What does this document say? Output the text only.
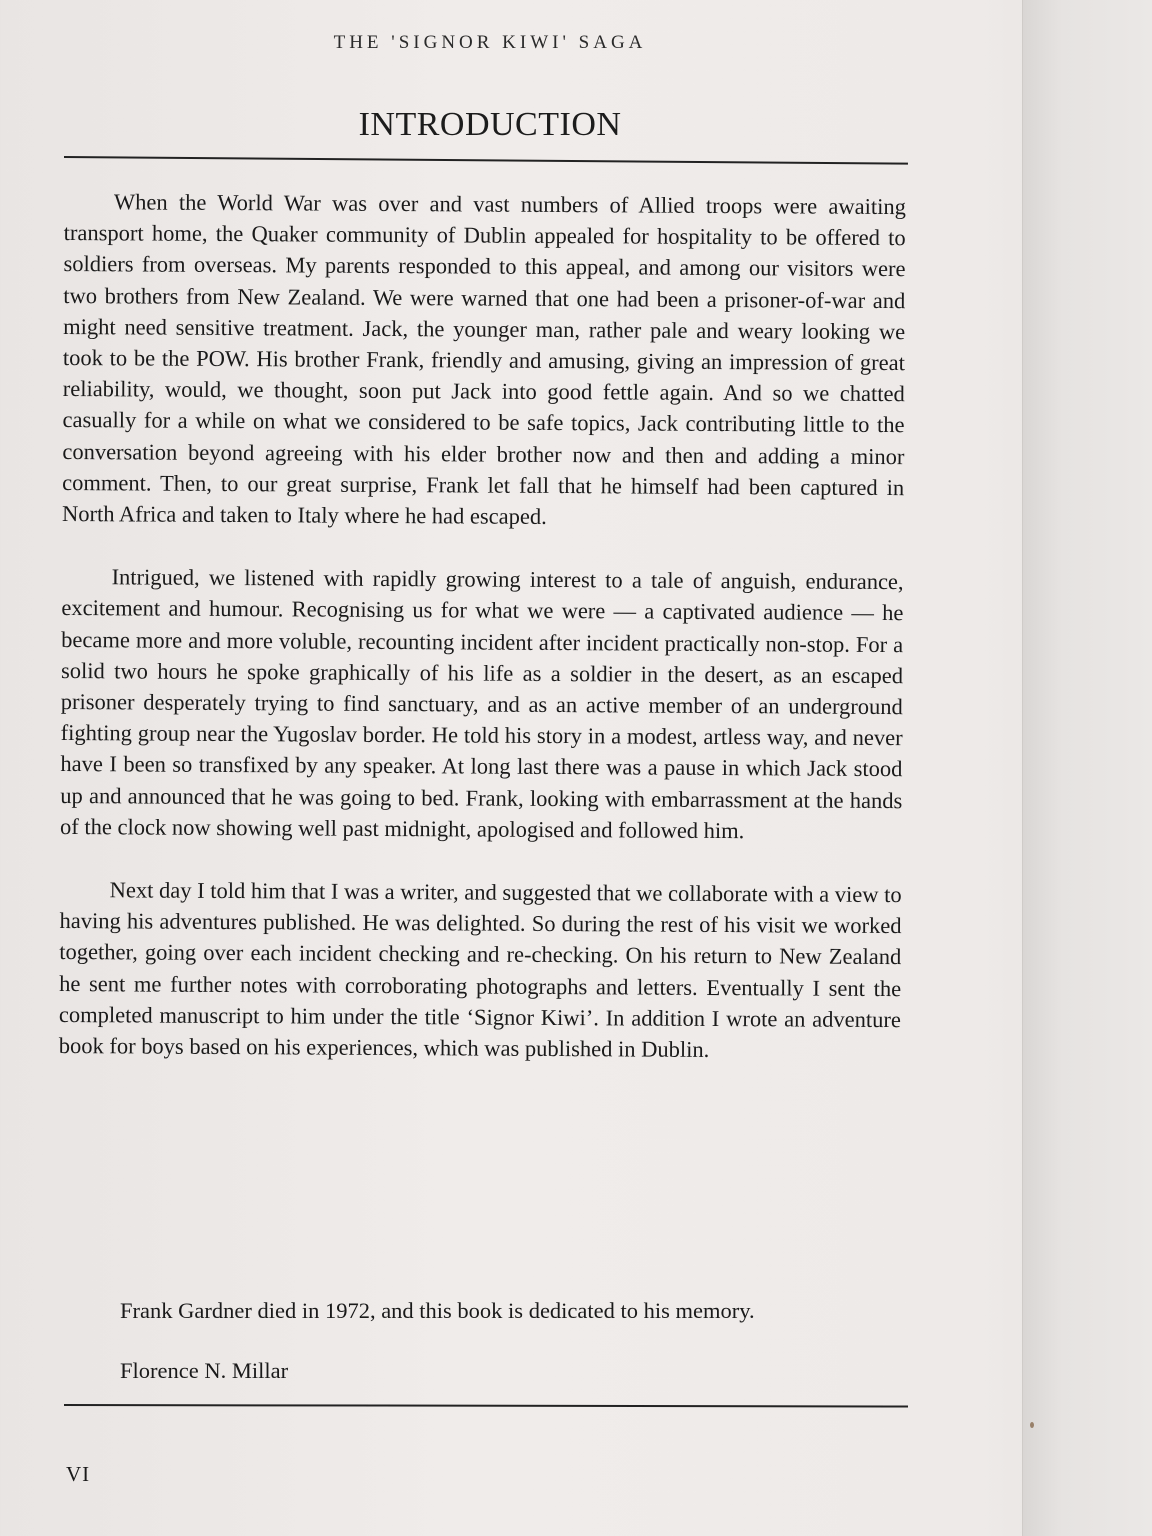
THE 'SIGNOR KIWI' SAGA
INTRODUCTION

When the World War was over and vast numbers of Allied troops were awaiting transport home, the Quaker community of Dublin appealed for hospitality to be offered to soldiers from overseas. My parents responded to this appeal, and among our visitors were two brothers from New Zealand. We were warned that one had been a prisoner-of-war and might need sensitive treatment. Jack, the younger man, rather pale and weary looking we took to be the POW. His brother Frank, friendly and amusing, giving an impression of great reliability, would, we thought, soon put Jack into good fettle again. And so we chatted casually for a while on what we considered to be safe topics, Jack contributing little to the conversation beyond agreeing with his elder brother now and then and adding a minor comment. Then, to our great surprise, Frank let fall that he himself had been captured in North Africa and taken to Italy where he had escaped.

Intrigued, we listened with rapidly growing interest to a tale of anguish, endurance, excitement and humour. Recognising us for what we were — a captivated audience — he became more and more voluble, recounting incident after incident practically non-stop. For a solid two hours he spoke graphically of his life as a soldier in the desert, as an escaped prisoner desperately trying to find sanctuary, and as an active member of an underground fighting group near the Yugoslav border. He told his story in a modest, artless way, and never have I been so transfixed by any speaker. At long last there was a pause in which Jack stood up and announced that he was going to bed. Frank, looking with embarrassment at the hands of the clock now showing well past midnight, apologised and followed him.

Next day I told him that I was a writer, and suggested that we collaborate with a view to having his adventures published. He was delighted. So during the rest of his visit we worked together, going over each incident checking and re-checking. On his return to New Zealand he sent me further notes with corroborating photographs and letters. Eventually I sent the completed manuscript to him under the title ‘Signor Kiwi’. In addition I wrote an adventure book for boys based on his experiences, which was published in Dublin.

Frank Gardner died in 1972, and this book is dedicated to his memory.
Florence N. Millar
VI
